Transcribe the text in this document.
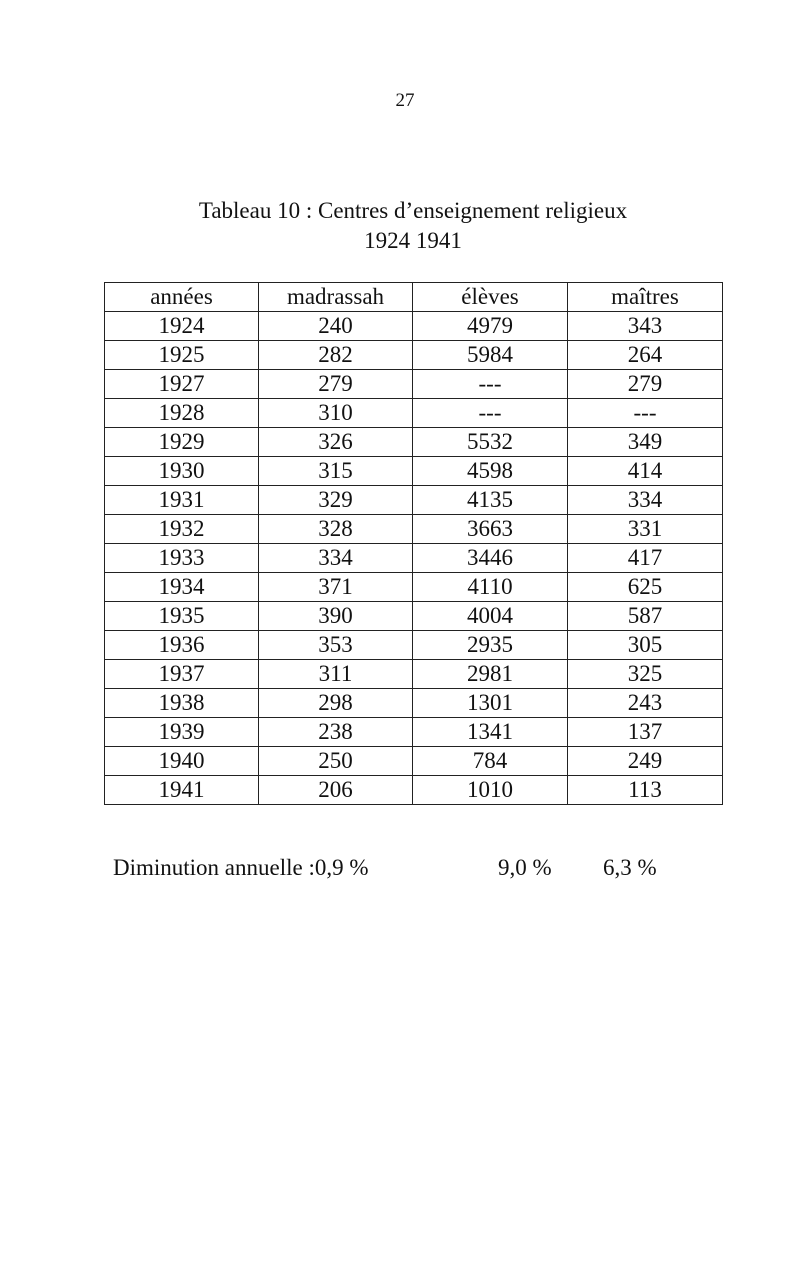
27
Tableau 10 : Centres d’enseignement religieux
1924 1941
années	madrassah	élèves	maîtres
1924	240	4979	343
1925	282	5984	264
1927	279	---	279
1928	310	---	---
1929	326	5532	349
1930	315	4598	414
1931	329	4135	334
1932	328	3663	331
1933	334	3446	417
1934	371	4110	625
1935	390	4004	587
1936	353	2935	305
1937	311	2981	325
1938	298	1301	243
1939	238	1341	137
1940	250	784	249
1941	206	1010	113
Diminution annuelle :0,9 %	9,0 % 6,3 %
